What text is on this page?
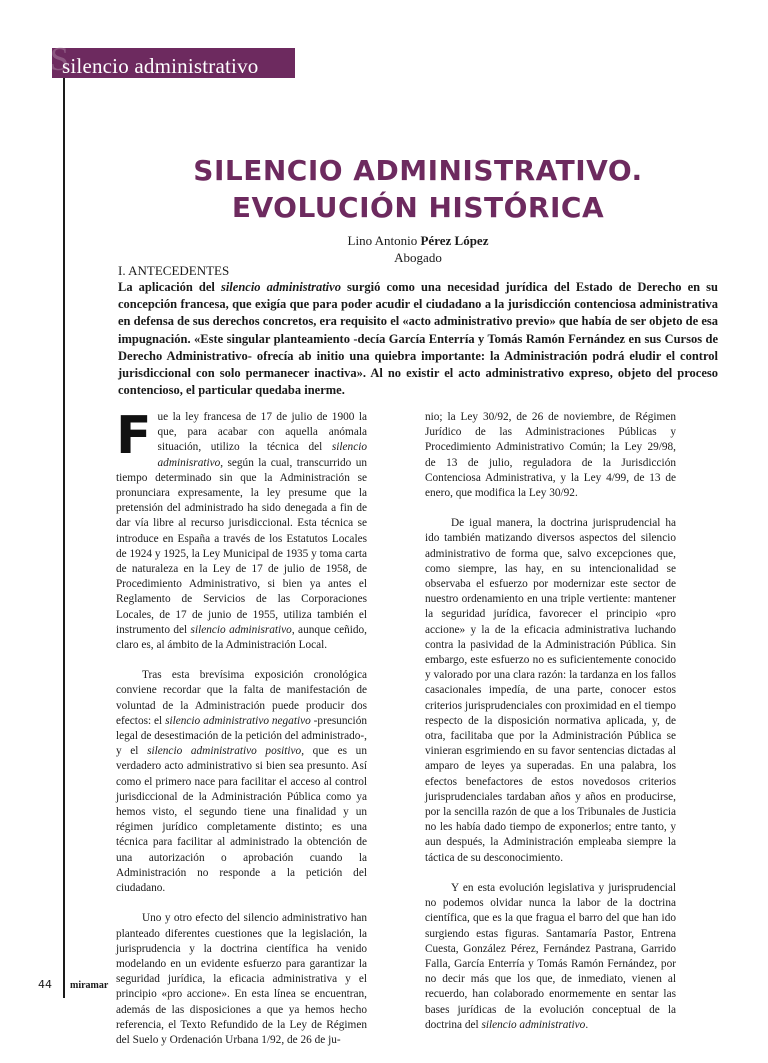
S
silencio administrativo
SILENCIO ADMINISTRATIVO.
EVOLUCIÓN HISTÓRICA
Lino Antonio Pérez López
Abogado
I. ANTECEDENTES

La aplicación del silencio administrativo surgió como una necesidad jurídica del Estado de Derecho en su concepción francesa, que exigía que para poder acudir el ciudadano a la jurisdicción contenciosa administrativa en defensa de sus derechos concretos, era requisito el «acto administrativo previo» que había de ser objeto de esa impugnación. «Este singular planteamiento -decía García Enterría y Tomás Ramón Fernández en sus Cursos de Derecho Administrativo- ofrecía ab initio una quiebra importante: la Administración podrá eludir el control jurisdiccional con solo permanecer inactiva». Al no existir el acto administrativo expreso, objeto del proceso contencioso, el particular quedaba inerme.

Fue la ley francesa de 17 de julio de 1900 la que, para acabar con aquella anómala situación, utilizo la técnica del silencio adminisrativo, según la cual, transcurrido un tiempo determinado sin que la Administración se pronunciara expresamente, la ley presume que la pretensión del administrado ha sido denegada a fin de dar vía libre al recurso jurisdiccional. Esta técnica se introduce en España a través de los Estatutos Locales de 1924 y 1925, la Ley Municipal de 1935 y toma carta de naturaleza en la Ley de 17 de julio de 1958, de Procedimiento Administrativo, si bien ya antes el Reglamento de Servicios de las Corporaciones Locales, de 17 de junio de 1955, utiliza también el instrumento del silencio adminisrativo, aunque ceñido, claro es, al ámbito de la Administración Local.

Tras esta brevísima exposición cronológica conviene recordar que la falta de manifestación de voluntad de la Administración puede producir dos efectos: el silencio administrativo negativo -presunción legal de desestimación de la petición del administrado-, y el silencio administrativo positivo, que es un verdadero acto administrativo si bien sea presunto. Así como el primero nace para facilitar el acceso al control jurisdiccional de la Administración Pública como ya hemos visto, el segundo tiene una finalidad y un régimen jurídico completamente distinto; es una técnica para facilitar al administrado la obtención de una autorización o aprobación cuando la Administración no responde a la petición del ciudadano.

Uno y otro efecto del silencio administrativo han planteado diferentes cuestiones que la legislación, la jurisprudencia y la doctrina científica ha venido modelando en un evidente esfuerzo para garantizar la seguridad jurídica, la eficacia administrativa y el principio «pro accione». En esta línea se encuentran, además de las disposiciones a que ya hemos hecho referencia, el Texto Refundido de la Ley de Régimen del Suelo y Ordenación Urbana 1/92, de 26 de ju-

nio; la Ley 30/92, de 26 de noviembre, de Régimen Jurídico de las Administraciones Públicas y Procedimiento Administrativo Común; la Ley 29/98, de 13 de julio, reguladora de la Jurisdicción Contenciosa Administrativa, y la Ley 4/99, de 13 de enero, que modifica la Ley 30/92.

De igual manera, la doctrina jurisprudencial ha ido también matizando diversos aspectos del silencio administrativo de forma que, salvo excepciones que, como siempre, las hay, en su intencionalidad se observaba el esfuerzo por modernizar este sector de nuestro ordenamiento en una triple vertiente: mantener la seguridad jurídica, favorecer el principio «pro accione» y la de la eficacia administrativa luchando contra la pasividad de la Administración Pública. Sin embargo, este esfuerzo no es suficientemente conocido y valorado por una clara razón: la tardanza en los fallos casacionales impedía, de una parte, conocer estos criterios jurisprudenciales con proximidad en el tiempo respecto de la disposición normativa aplicada, y, de otra, facilitaba que por la Administración Pública se vinieran esgrimiendo en su favor sentencias dictadas al amparo de leyes ya superadas. En una palabra, los efectos benefactores de estos novedosos criterios jurisprudenciales tardaban años y años en producirse, por la sencilla razón de que a los Tribunales de Justicia no les había dado tiempo de exponerlos; entre tanto, y aun después, la Administración empleaba siempre la táctica de su desconocimiento.

Y en esta evolución legislativa y jurisprudencial no podemos olvidar nunca la labor de la doctrina científica, que es la que fragua el barro del que han ido surgiendo estas figuras. Santamaría Pastor, Entrena Cuesta, González Pérez, Fernández Pastrana, Garrido Falla, García Enterría y Tomás Ramón Fernández, por no decir más que los que, de inmediato, vienen al recuerdo, han colaborado enormemente en sentar las bases jurídicas de la evolución conceptual de la doctrina del silencio administrativo.

44 miramar
